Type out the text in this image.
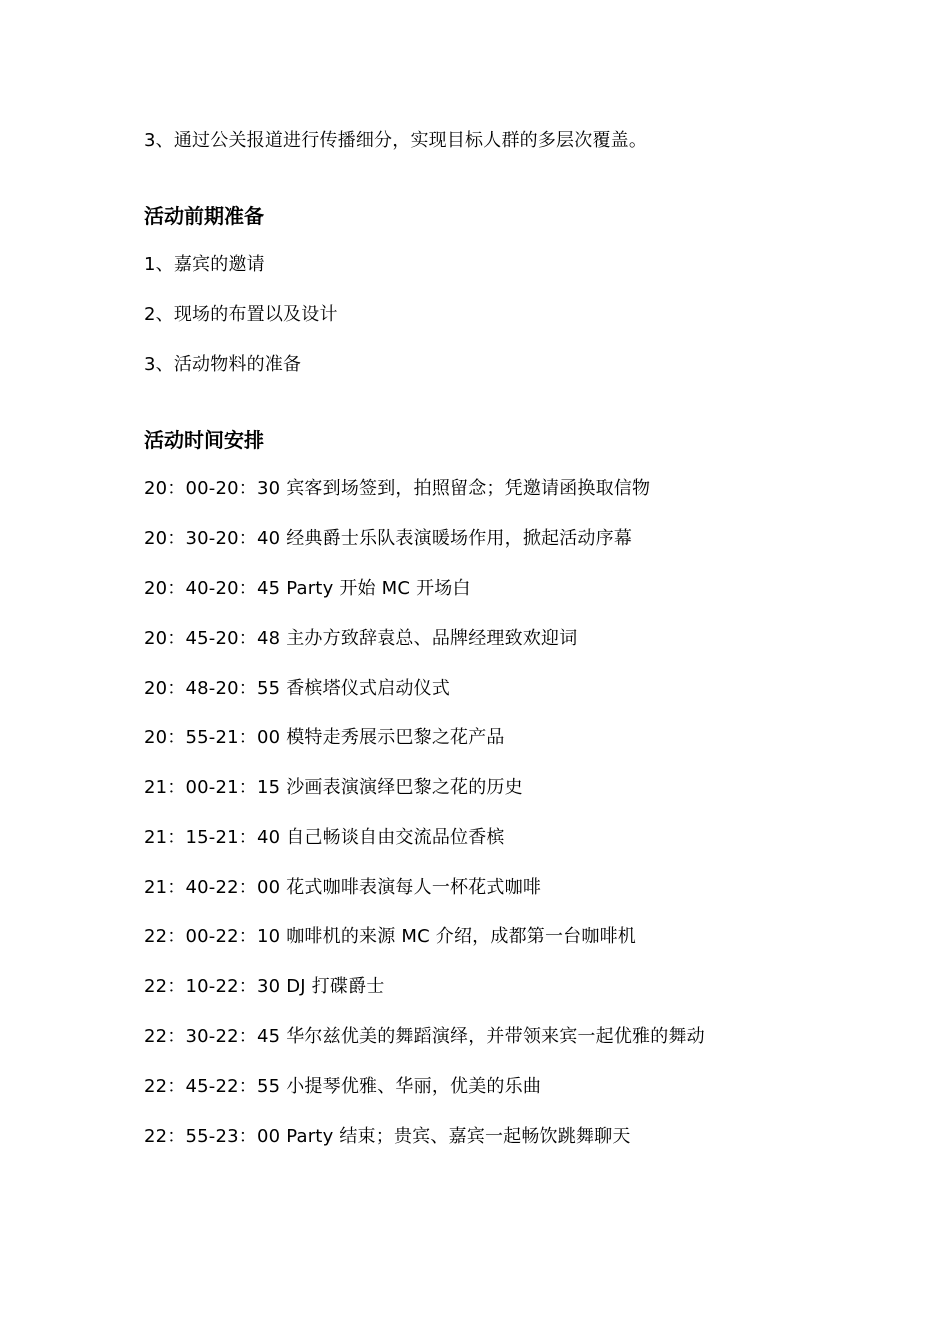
3、通过公关报道进行传播细分，实现目标人群的多层次覆盖。
活动前期准备
1、嘉宾的邀请
2、现场的布置以及设计
3、活动物料的准备
活动时间安排
20：00-20：30 宾客到场签到，拍照留念；凭邀请函换取信物
20：30-20：40 经典爵士乐队表演暖场作用，掀起活动序幕
20：40-20：45 Party 开始 MC 开场白
20：45-20：48 主办方致辞袁总、品牌经理致欢迎词
20：48-20：55 香槟塔仪式启动仪式
20：55-21：00 模特走秀展示巴黎之花产品
21：00-21：15 沙画表演演绎巴黎之花的历史
21：15-21：40 自己畅谈自由交流品位香槟
21：40-22：00 花式咖啡表演每人一杯花式咖啡
22：00-22：10 咖啡机的来源 MC 介绍，成都第一台咖啡机
22：10-22：30 DJ 打碟爵士
22：30-22：45 华尔兹优美的舞蹈演绎，并带领来宾一起优雅的舞动
22：45-22：55 小提琴优雅、华丽，优美的乐曲
22：55-23：00 Party 结束；贵宾、嘉宾一起畅饮跳舞聊天
